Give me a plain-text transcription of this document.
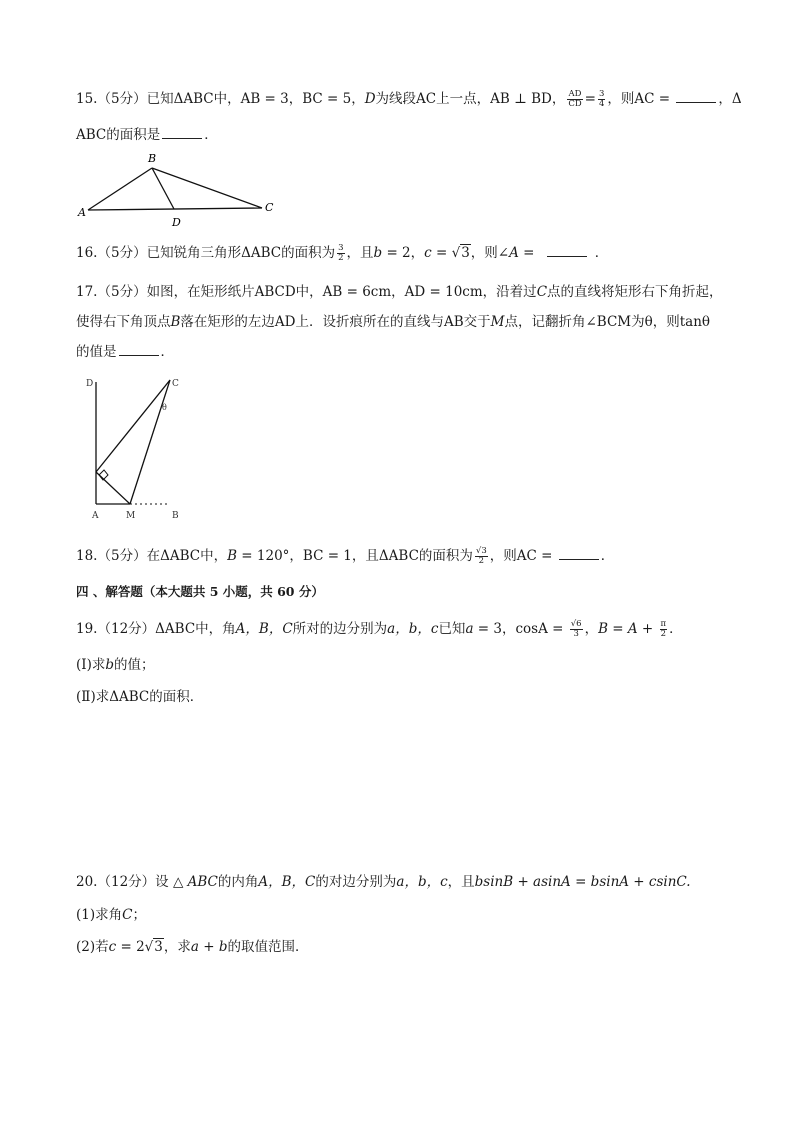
15.（5分）已知ΔABC中，AB = 3，BC = 5，D为线段AC上一点，AB ⊥ BD， $\frac{AD}{CD} = \frac{3}{4}$ ，则AC =	，Δ
ABC的面积是	．
B
A
D
C
16.（5分）已知锐角三角形ΔABC的面积为 $\frac{3}{2}$ ，且b = 2，c = √3，则∠A =	．
17.（5分）如图，在矩形纸片ABCD中，AB = 6cm，AD = 10cm，沿着过C点的直线将矩形右下角折起，
使得右下角顶点B落在矩形的左边AD上．设折痕所在的直线与AB交于M点，记翻折角∠BCM为θ，则tanθ
的值是	．
D	C
θ
A	M	B
18.（5分）在ΔABC中，B = 120°，BC = 1，且ΔABC的面积为 $\frac{√3}{2}$ ，则AC =	．
四 、解答题（本大题共 5 小题，共 60 分）
19.（12分）ΔABC中，角A，B，C所对的边分别为a，b，c已知a = 3，$\cos A = \frac{√6}{3}$ ，$B = A + \frac{\pi}{2}$ ．
(Ⅰ)求b的值；
(Ⅱ)求ΔABC的面积．
20.（12分）设 △ ABC的内角A，B，C的对边分别为a，b，c，且bsinB + asinA = bsinA + csinC.
(1)求角C；
(2)若c = 2√3，求a + b的取值范围．
